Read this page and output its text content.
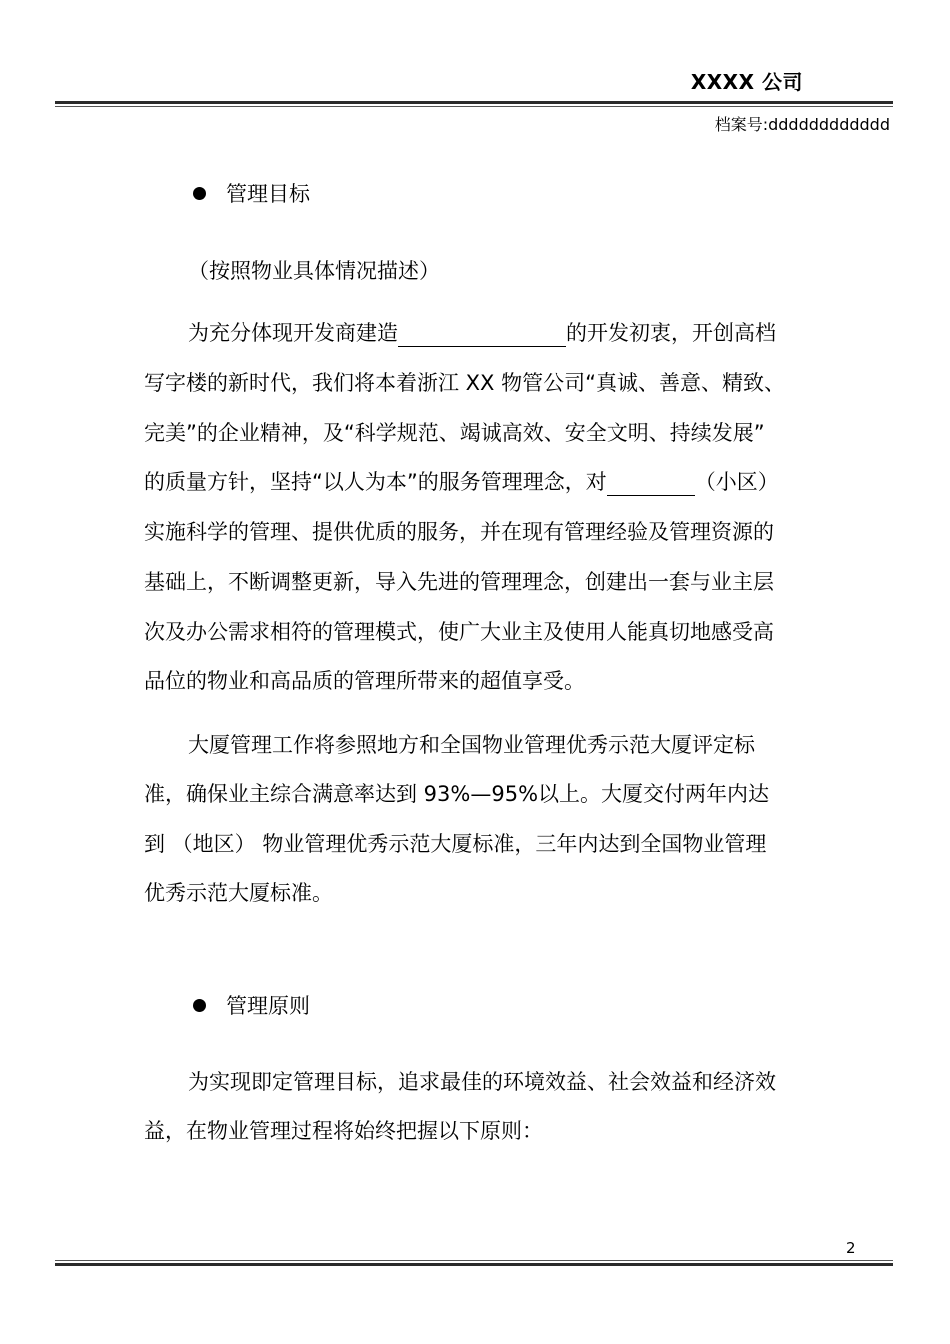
XXXX 公司
档案号:dddddddddddd
管理目标
（按照物业具体情况描述）
为充分体现开发商建造	的开发初衷，开创高档
写字楼的新时代，我们将本着浙江 XX 物管公司“真诚、善意、精致、
完美”的企业精神，及“科学规范、竭诚高效、安全文明、持续发展”
的质量方针，坚持“以人为本”的服务管理理念，对	（小区）
实施科学的管理、提供优质的服务，并在现有管理经验及管理资源的
基础上，不断调整更新，导入先进的管理理念，创建出一套与业主层
次及办公需求相符的管理模式，使广大业主及使用人能真切地感受高
品位的物业和高品质的管理所带来的超值享受。
大厦管理工作将参照地方和全国物业管理优秀示范大厦评定标
准，确保业主综合满意率达到 93%—95%以上。大厦交付两年内达
到 （地区） 物业管理优秀示范大厦标准，三年内达到全国物业管理
优秀示范大厦标准。
管理原则
为实现即定管理目标，追求最佳的环境效益、社会效益和经济效
益，在物业管理过程将始终把握以下原则：
2
